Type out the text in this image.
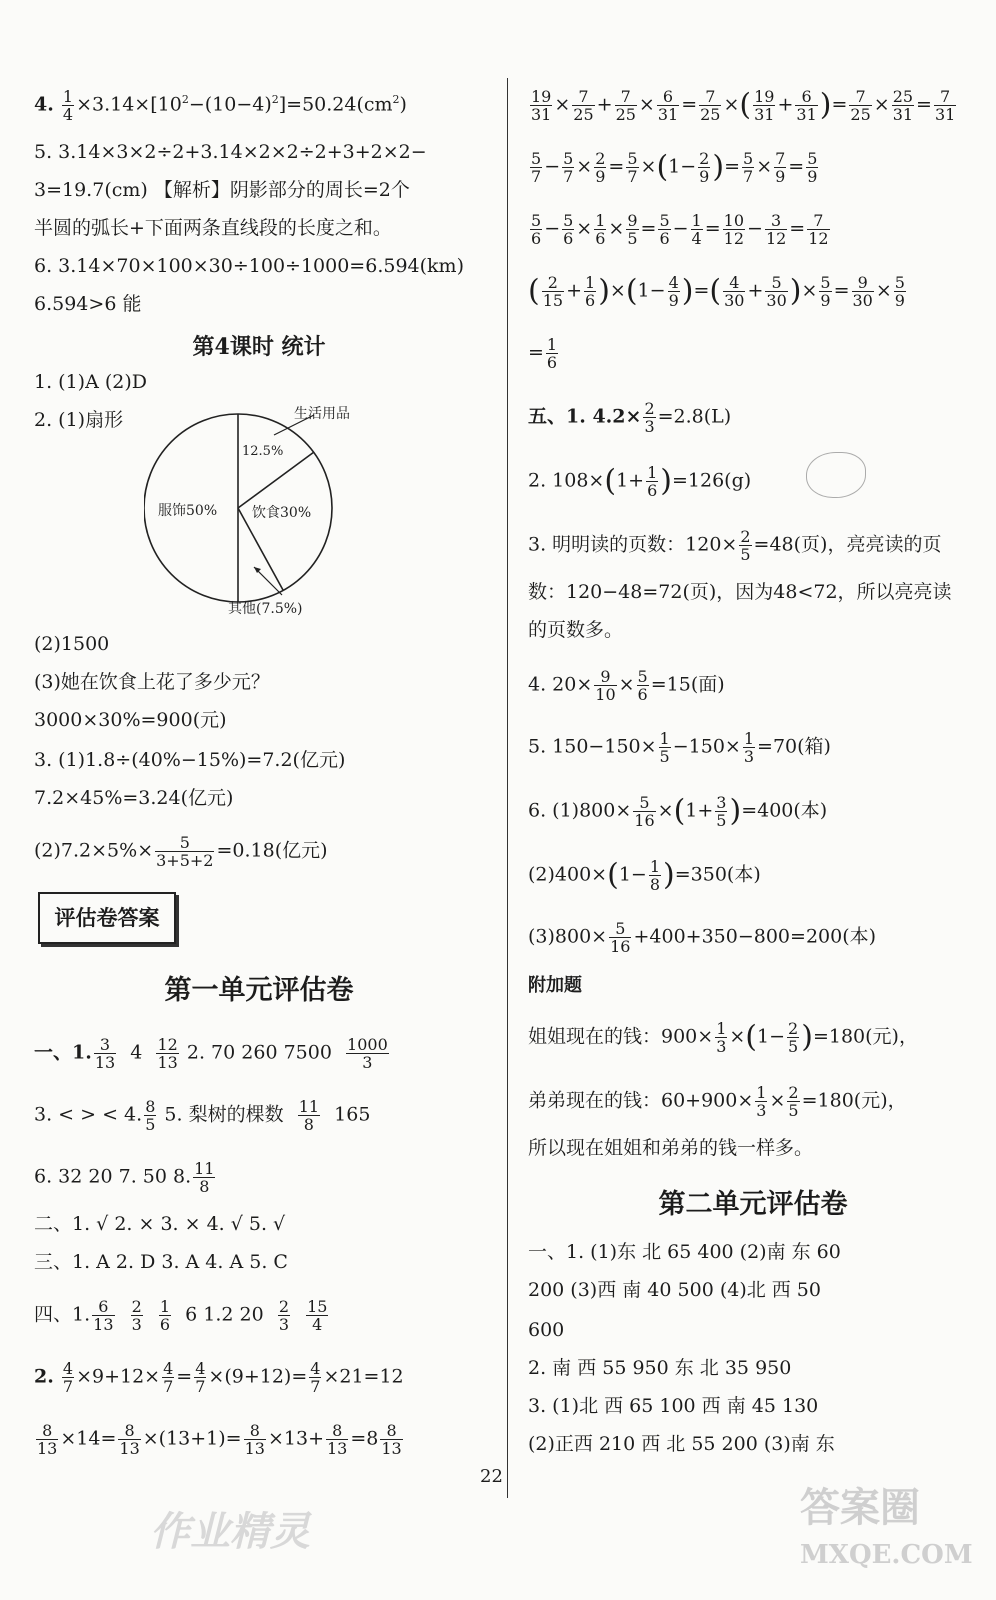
4. $\frac{1}{4} \times 3.14\times[10^2-(10-4)^2]=50.24(cm^2)$
5. 3.14×3×2÷2+3.14×2×2÷2+3+2×2−
3=19.7(cm) 【解析】阴影部分的周长=2个
半圆的弧长+下面两条直线段的长度之和。
6. 3.14×70×100×30÷100÷1000=6.594(km)
6.594>6 能
第4课时 统计
1. (1)A (2)D
2. (1)扇形	生活用品
12.5%
饮食30%
服饰50%
其他(7.5%)
(2)1500
(3)她在饮食上花了多少元？
3000×30%=900(元)
3. (1)1.8÷(40%−15%)=7.2(亿元)
7.2×45%=3.24(亿元)
$(2)7.2\times 5\%\times \frac{5}{3+5+2} =0.18$(亿元)
评估卷答案
第一单元评估卷
一、1. $\frac{3}{13} 4 \frac{12}{13} 2$. 70 260 $7500 \frac{1000}{3}$
3. < > < 4. $\frac{8}{5} 5$. 梨树的棵数 $\frac{11}{8} 165$
6. 32 20 7. 50 8. $\frac{11}{8}$
二、1. √ 2. × 3. × 4. √ 5. √
三、1. A 2. D 3. A 4. A 5. C
四、1. $\frac{6}{13}$
$\frac{2}{3}$
$\frac{1}{6} 6$ 1.2 $20 \frac{2}{3}$
$\frac{15}{4}$
2. $\frac{4}{7} \times 9+12\times \frac{4}{7} = \frac{4}{7} \times(9+12)= \frac{4}{7} \times 21=12$
$\frac{8}{13} \times 14= \frac{8}{13} \times(13+1)= \frac{8}{13} \times 13+ \frac{8}{13} =8 \frac{8}{13}$
$\frac{19}{31} \times \frac{7}{25} + \frac{7}{25} \times \frac{6}{31} = \frac{7}{25}$ ×( $\frac{19}{31} + \frac{6}{31}$ )= $\frac{7}{25} \times \frac{25}{31} = \frac{7}{31}$
$\frac{5}{7} - \frac{5}{7} \times \frac{2}{9} = \frac{5}{7} \times(1- \frac{2}{9}$ )= $\frac{5}{7} \times \frac{7}{9} = \frac{5}{9}$
$\frac{5}{6} - \frac{5}{6} \times \frac{1}{6} \times \frac{9}{5} = \frac{5}{6} - \frac{1}{4} = \frac{10}{12} - \frac{3}{12} = \frac{7}{12}$
( $\frac{2}{15} + \frac{1}{6} )\times(1- \frac{4}{9}$ )=( $\frac{4}{30} + \frac{5}{30}$ )× $\frac{5}{9} = \frac{9}{30} \times \frac{5}{9}$
= $\frac{1}{6}$
五、1. $4.2\times \frac{2}{3} =2.8(L)$
2. $108\times(1+ \frac{1}{6} )=126(g)$
3. 明明读的页数：$120\times \frac{2}{5} =48$(页)，亮亮读的页
数：120−48=72(页)，因为48<72，所以亮亮读
的页数多。
4. $20\times \frac{9}{10} \times \frac{5}{6} =15$(面)
5. $150-150\times \frac{1}{5} -150\times \frac{1}{3} =70$(箱)
6. $(1)800\times \frac{5}{16} \times(1+ \frac{3}{5} )=400$(本)
$(2)400\times(1- \frac{1}{8} )=350$(本)
$(3)800\times \frac{5}{16} +400+350-800=200$(本)
附加题
姐姐现在的钱：$900\times \frac{1}{3} \times(1- \frac{2}{5} )=180$(元)，
弟弟现在的钱：$60+900\times \frac{1}{3} \times \frac{2}{5} =180$(元)，
所以现在姐姐和弟弟的钱一样多。
第二单元评估卷
一、1. (1)东 北 65 400 (2)南 东 60
200 (3)西 南 40 500 (4)北 西 50
600
2. 南 西 55 950 东 北 35 950
3. (1)北 西 65 100 西 南 45 130
(2)正西 210 西 北 55 200 (3)南 东
22
作业精灵
答案圈
MXQE.COM
